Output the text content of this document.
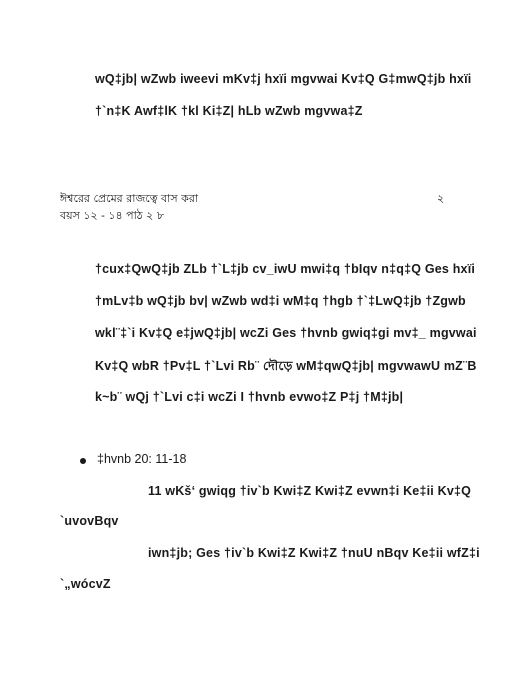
wQ‡jb| wZwb iweevi mKv‡j hxïi mgvwai Kv‡Q G‡mwQ‡jb hxïi
†`n‡K Awf‡lK †kl Ki‡Z| hLb wZwb mgvwa‡Z
ঈশ্বরের প্রেমের রাজত্বে বাস করা	২
বয়স ১২ - ১৪ পাঠ ২ ৮
†cux‡QwQ‡jb ZLb †`L‡jb cv_iwU mwi‡q †bIqv n‡q‡Q Ges hxïi
†mLv‡b wQ‡jb bv| wZwb wd‡i wM‡q †hgb †`‡LwQ‡jb †Zgwb
wkl¨‡`i Kv‡Q e‡jwQ‡jb| wcZi Ges †hvnb gwiq‡gi mv‡_ mgvwai
Kv‡Q wbR †Pv‡L †`Lvi Rb¨ দৌড়ে wM‡qwQ‡jb| mgvwawU mZ¨B
k~b¨ wQj †`Lvi c‡i wcZi I †hvnb evwo‡Z P‡j †M‡jb|
‡hvnb 20: 11-18
11 wKš‘ gwiqg †iv`b Kwi‡Z Kwi‡Z evwn‡i Ke‡ii Kv‡Q
`uvovBqv
iwn‡jb; Ges †iv`b Kwi‡Z Kwi‡Z †nuU nBqv Ke‡ii wfZ‡i
`„wócvZ
